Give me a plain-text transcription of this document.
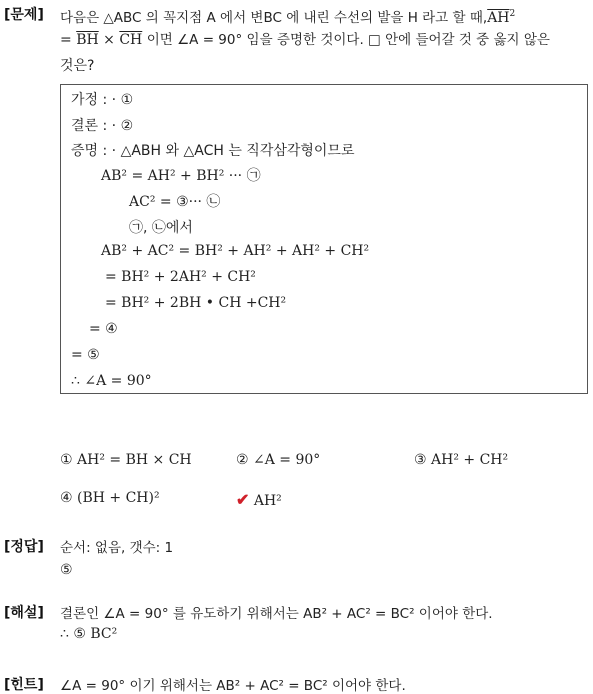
[문제] 다음은 △ABC 의 꼭지점 A 에서 변BC 에 내린 수선의 발을 H 라고 할 때$,\overline{AH}^2$
= $\overline{BH} \times \overline{CH}$ 이면 ∠A = 90° 임을 증명한 것이다. □ 안에 들어갈 것 중 옳지 않은
것은?
가정 : · ①
결론 : · ②
증명 : · △ABH 와 △ACH 는 직각삼각형이므로
AB² = AH² + BH² ··· ㉠
AC² = ③··· ㉡
㉠, ㉡에서
AB² + AC² = BH² + AH² + AH² + CH²
= BH² + 2AH² + CH²
= BH² + 2BH • CH +CH²
= ④
= ⑤
∴ ∠A = 90°
① AH² = BH × CH	② ∠A = 90°	③ AH² + CH²
④ (BH + CH)²	✔ AH²
[정답] 순서: 없음, 갯수: 1
⑤
[해설] 결론인 ∠A = 90° 를 유도하기 위해서는 AB² + AC² = BC² 이어야 한다.
∴ ⑤ BC²
[힌트] ∠A = 90° 이기 위해서는 AB² + AC² = BC² 이어야 한다.
